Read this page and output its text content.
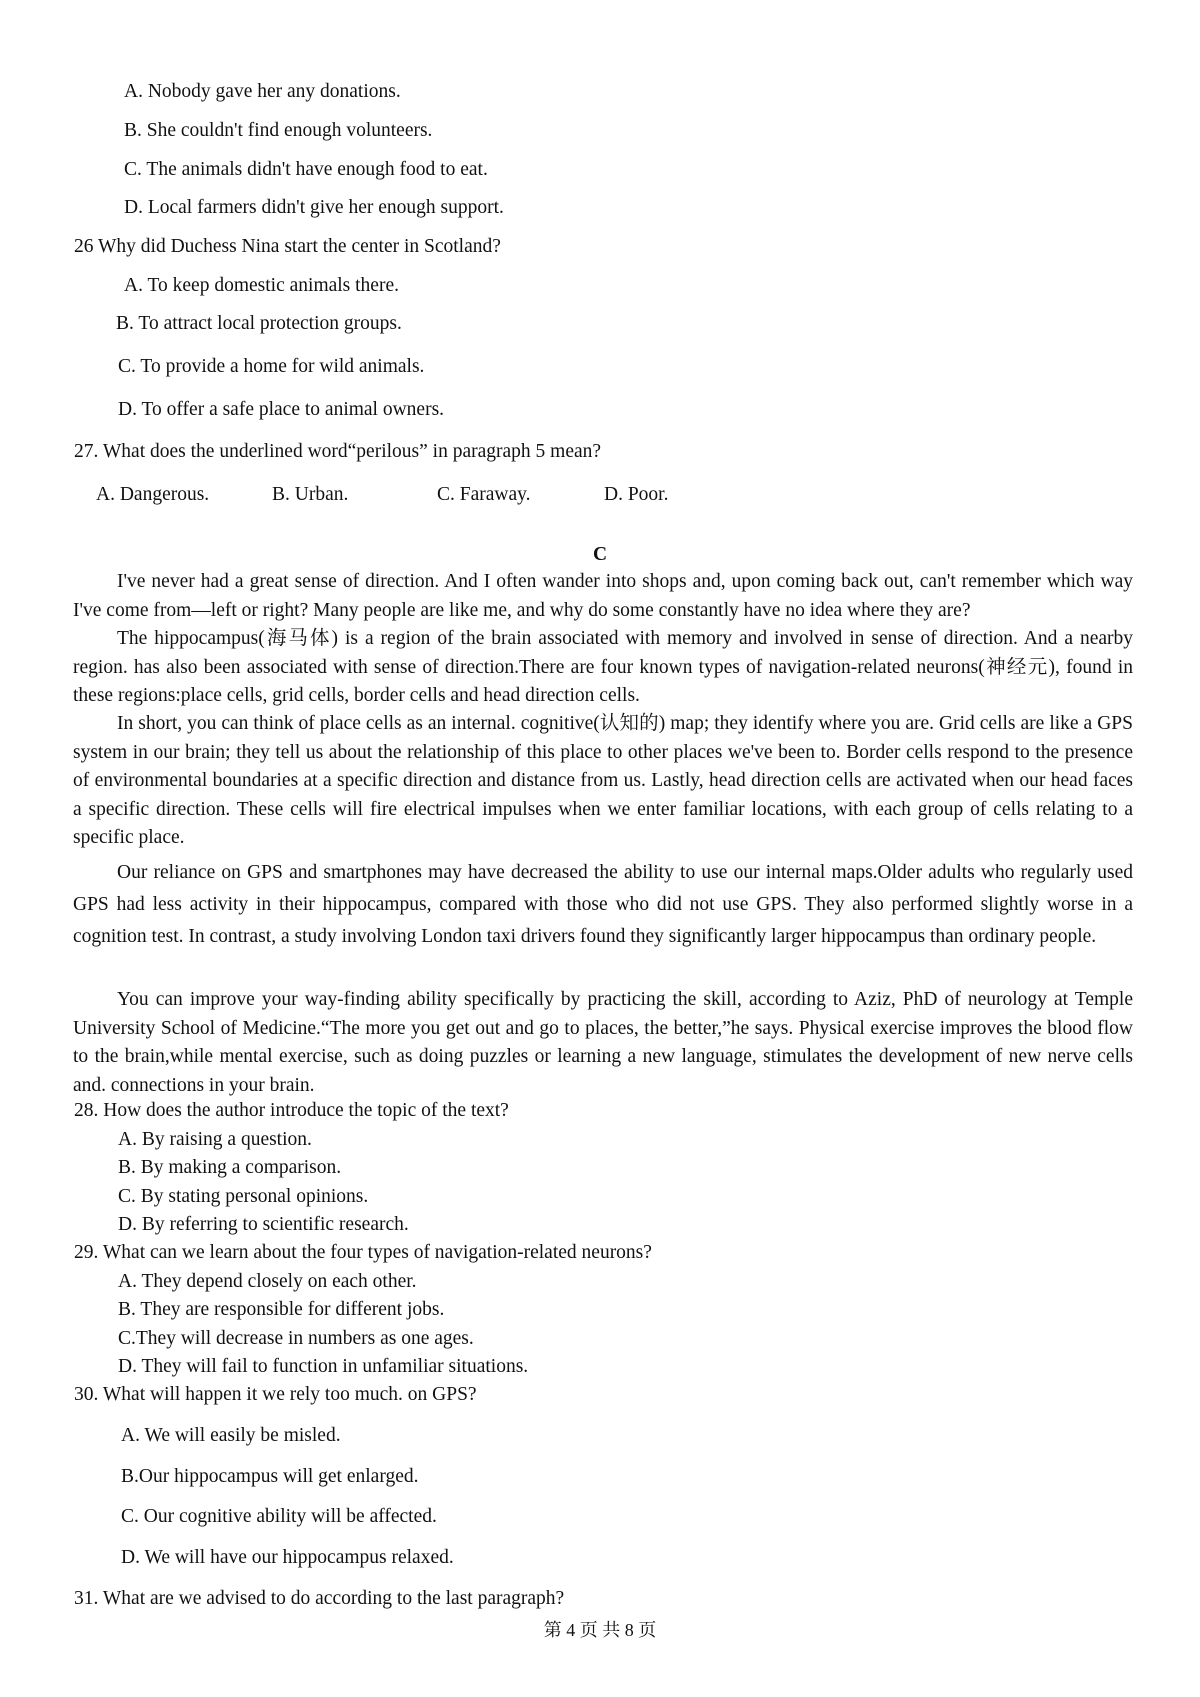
A. Nobody gave her any donations.
B. She couldn't find enough volunteers.
C. The animals didn't have enough food to eat.
D. Local farmers didn't give her enough support.
26 Why did Duchess Nina start the center in Scotland?
A. To keep domestic animals there.
B. To attract local protection groups.
C. To provide a home for wild animals.
D. To offer a safe place to animal owners.
27. What does the underlined word“perilous” in paragraph 5 mean?
A. Dangerous.	B. Urban.	C. Faraway.	D. Poor.
C
I've never had a great sense of direction. And I often wander into shops and, upon coming back out, can't remember which way I've come from—left or right? Many people are like me, and why do some constantly have no idea where they are?
The hippocampus(海马体) is a region of the brain associated with memory and involved in sense of direction. And a nearby region. has also been associated with sense of direction.There are four known types of navigation-related neurons(神经元), found in these regions:place cells, grid cells, border cells and head direction cells.
In short, you can think of place cells as an internal. cognitive(认知的) map; they identify where you are. Grid cells are like a GPS system in our brain; they tell us about the relationship of this place to other places we've been to. Border cells respond to the presence of environmental boundaries at a specific direction and distance from us. Lastly, head direction cells are activated when our head faces a specific direction. These cells will fire electrical impulses when we enter familiar locations, with each group of cells relating to a specific place.
Our reliance on GPS and smartphones may have decreased the ability to use our internal maps.Older adults who regularly used GPS had less activity in their hippocampus, compared with those who did not use GPS. They also performed slightly worse in a cognition test. In contrast, a study involving London taxi drivers found they significantly larger hippocampus than ordinary people.
You can improve your way-finding ability specifically by practicing the skill, according to Aziz, PhD of neurology at Temple University School of Medicine.“The more you get out and go to places, the better,”he says. Physical exercise improves the blood flow to the brain,while mental exercise, such as doing puzzles or learning a new language, stimulates the development of new nerve cells and. connections in your brain.
28. How does the author introduce the topic of the text?
A. By raising a question.
B. By making a comparison.
C. By stating personal opinions.
D. By referring to scientific research.
29. What can we learn about the four types of navigation-related neurons?
A. They depend closely on each other.
B. They are responsible for different jobs.
C.They will decrease in numbers as one ages.
D. They will fail to function in unfamiliar situations.
30. What will happen it we rely too much. on GPS?
A. We will easily be misled.
B.Our hippocampus will get enlarged.
C. Our cognitive ability will be affected.
D. We will have our hippocampus relaxed.
31. What are we advised to do according to the last paragraph?
第 4 页 共 8 页
